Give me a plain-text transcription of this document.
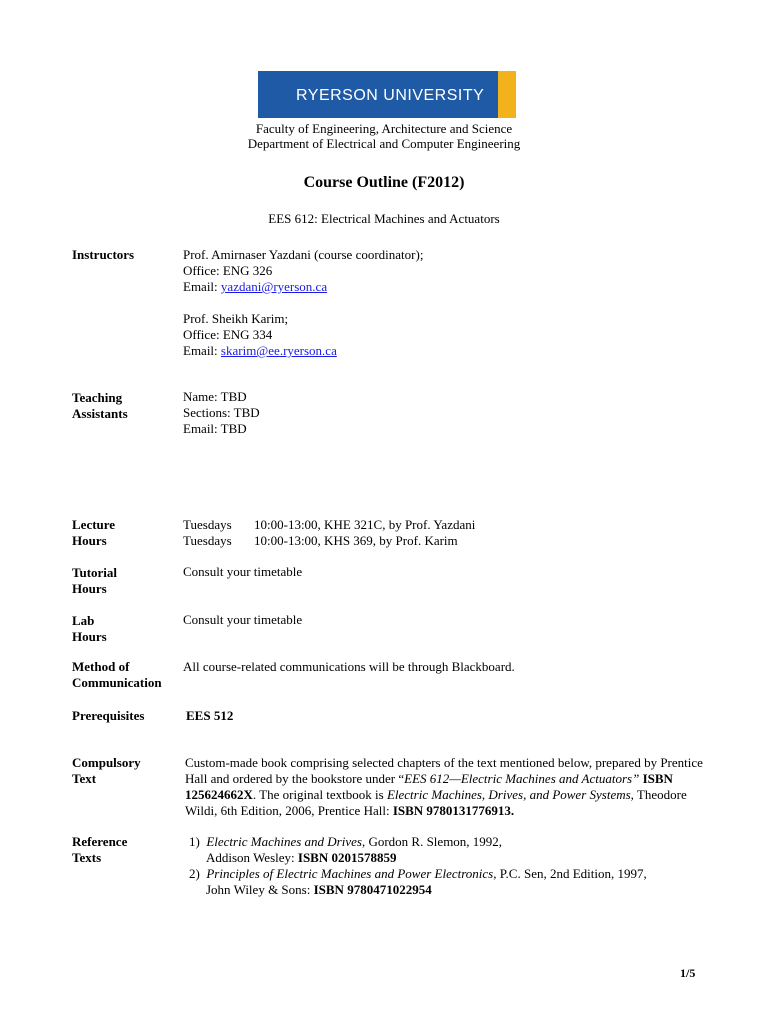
RYERSON UNIVERSITY
Faculty of Engineering, Architecture and Science
Department of Electrical and Computer Engineering
Course Outline (F2012)
EES 612: Electrical Machines and Actuators
Instructors	Prof. Amirnaser Yazdani (course coordinator);
Office: ENG 326
Email: yazdani@ryerson.ca
Prof. Sheikh Karim;
Office: ENG 334
Email: skarim@ee.ryerson.ca
Teaching
Assistants
Name: TBD
Sections: TBD
Email: TBD
Lecture
Hours
Tuesdays 10:00-13:00, KHE 321C, by Prof. Yazdani
Tuesdays 10:00-13:00, KHS 369, by Prof. Karim
Tutorial
Hours
Consult your timetable
Lab
Hours
Consult your timetable
Method of
Communication
All course-related communications will be through Blackboard.
Prerequisites	EES 512
Compulsory
Text
Custom-made book comprising selected chapters of the text mentioned below, prepared by Prentice Hall and ordered by the bookstore under “EES 612—Electric Machines and Actuators” ISBN 125624662X. The original textbook is Electric Machines, Drives, and Power Systems, Theodore Wildi, 6th Edition, 2006, Prentice Hall: ISBN 9780131776913.
Reference
Texts
1) Electric Machines and Drives, Gordon R. Slemon, 1992,
Addison Wesley: ISBN 0201578859
2) Principles of Electric Machines and Power Electronics, P.C. Sen, 2nd Edition, 1997,
John Wiley & Sons: ISBN 9780471022954
1/5
